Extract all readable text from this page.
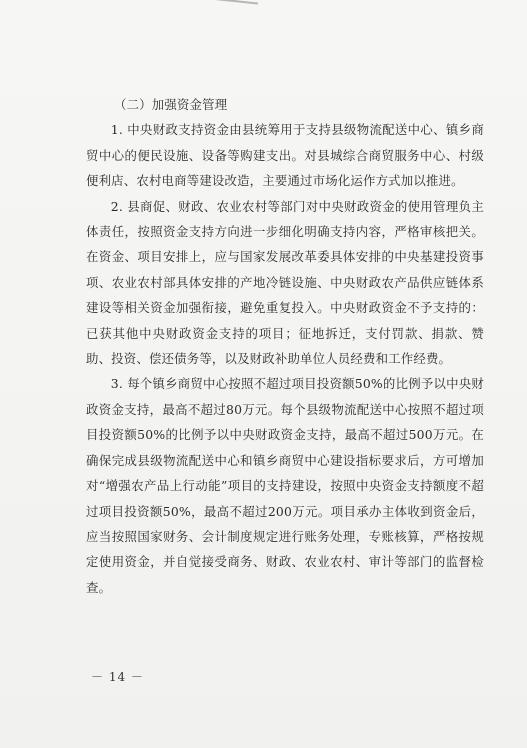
（二）加强资金管理

1. 中央财政支持资金由县统筹用于支持县级物流配送中心、镇乡商贸中心的便民设施、设备等购建支出。对县城综合商贸服务中心、村级便利店、农村电商等建设改造，主要通过市场化运作方式加以推进。

2. 县商促、财政、农业农村等部门对中央财政资金的使用管理负主体责任，按照资金支持方向进一步细化明确支持内容，严格审核把关。在资金、项目安排上，应与国家发展改革委具体安排的中央基建投资事项、农业农村部具体安排的产地冷链设施、中央财政农产品供应链体系建设等相关资金加强衔接，避免重复投入。中央财政资金不予支持的：已获其他中央财政资金支持的项目；征地拆迁，支付罚款、捐款、赞助、投资、偿还债务等，以及财政补助单位人员经费和工作经费。

3. 每个镇乡商贸中心按照不超过项目投资额50%的比例予以中央财政资金支持，最高不超过80万元。每个县级物流配送中心按照不超过项目投资额50%的比例予以中央财政资金支持，最高不超过500万元。在确保完成县级物流配送中心和镇乡商贸中心建设指标要求后，方可增加对“增强农产品上行动能”项目的支持建设，按照中央资金支持额度不超过项目投资额50%，最高不超过200万元。项目承办主体收到资金后，应当按照国家财务、会计制度规定进行账务处理，专账核算，严格按规定使用资金，并自觉接受商务、财政、农业农村、审计等部门的监督检查。

－ 14 －
